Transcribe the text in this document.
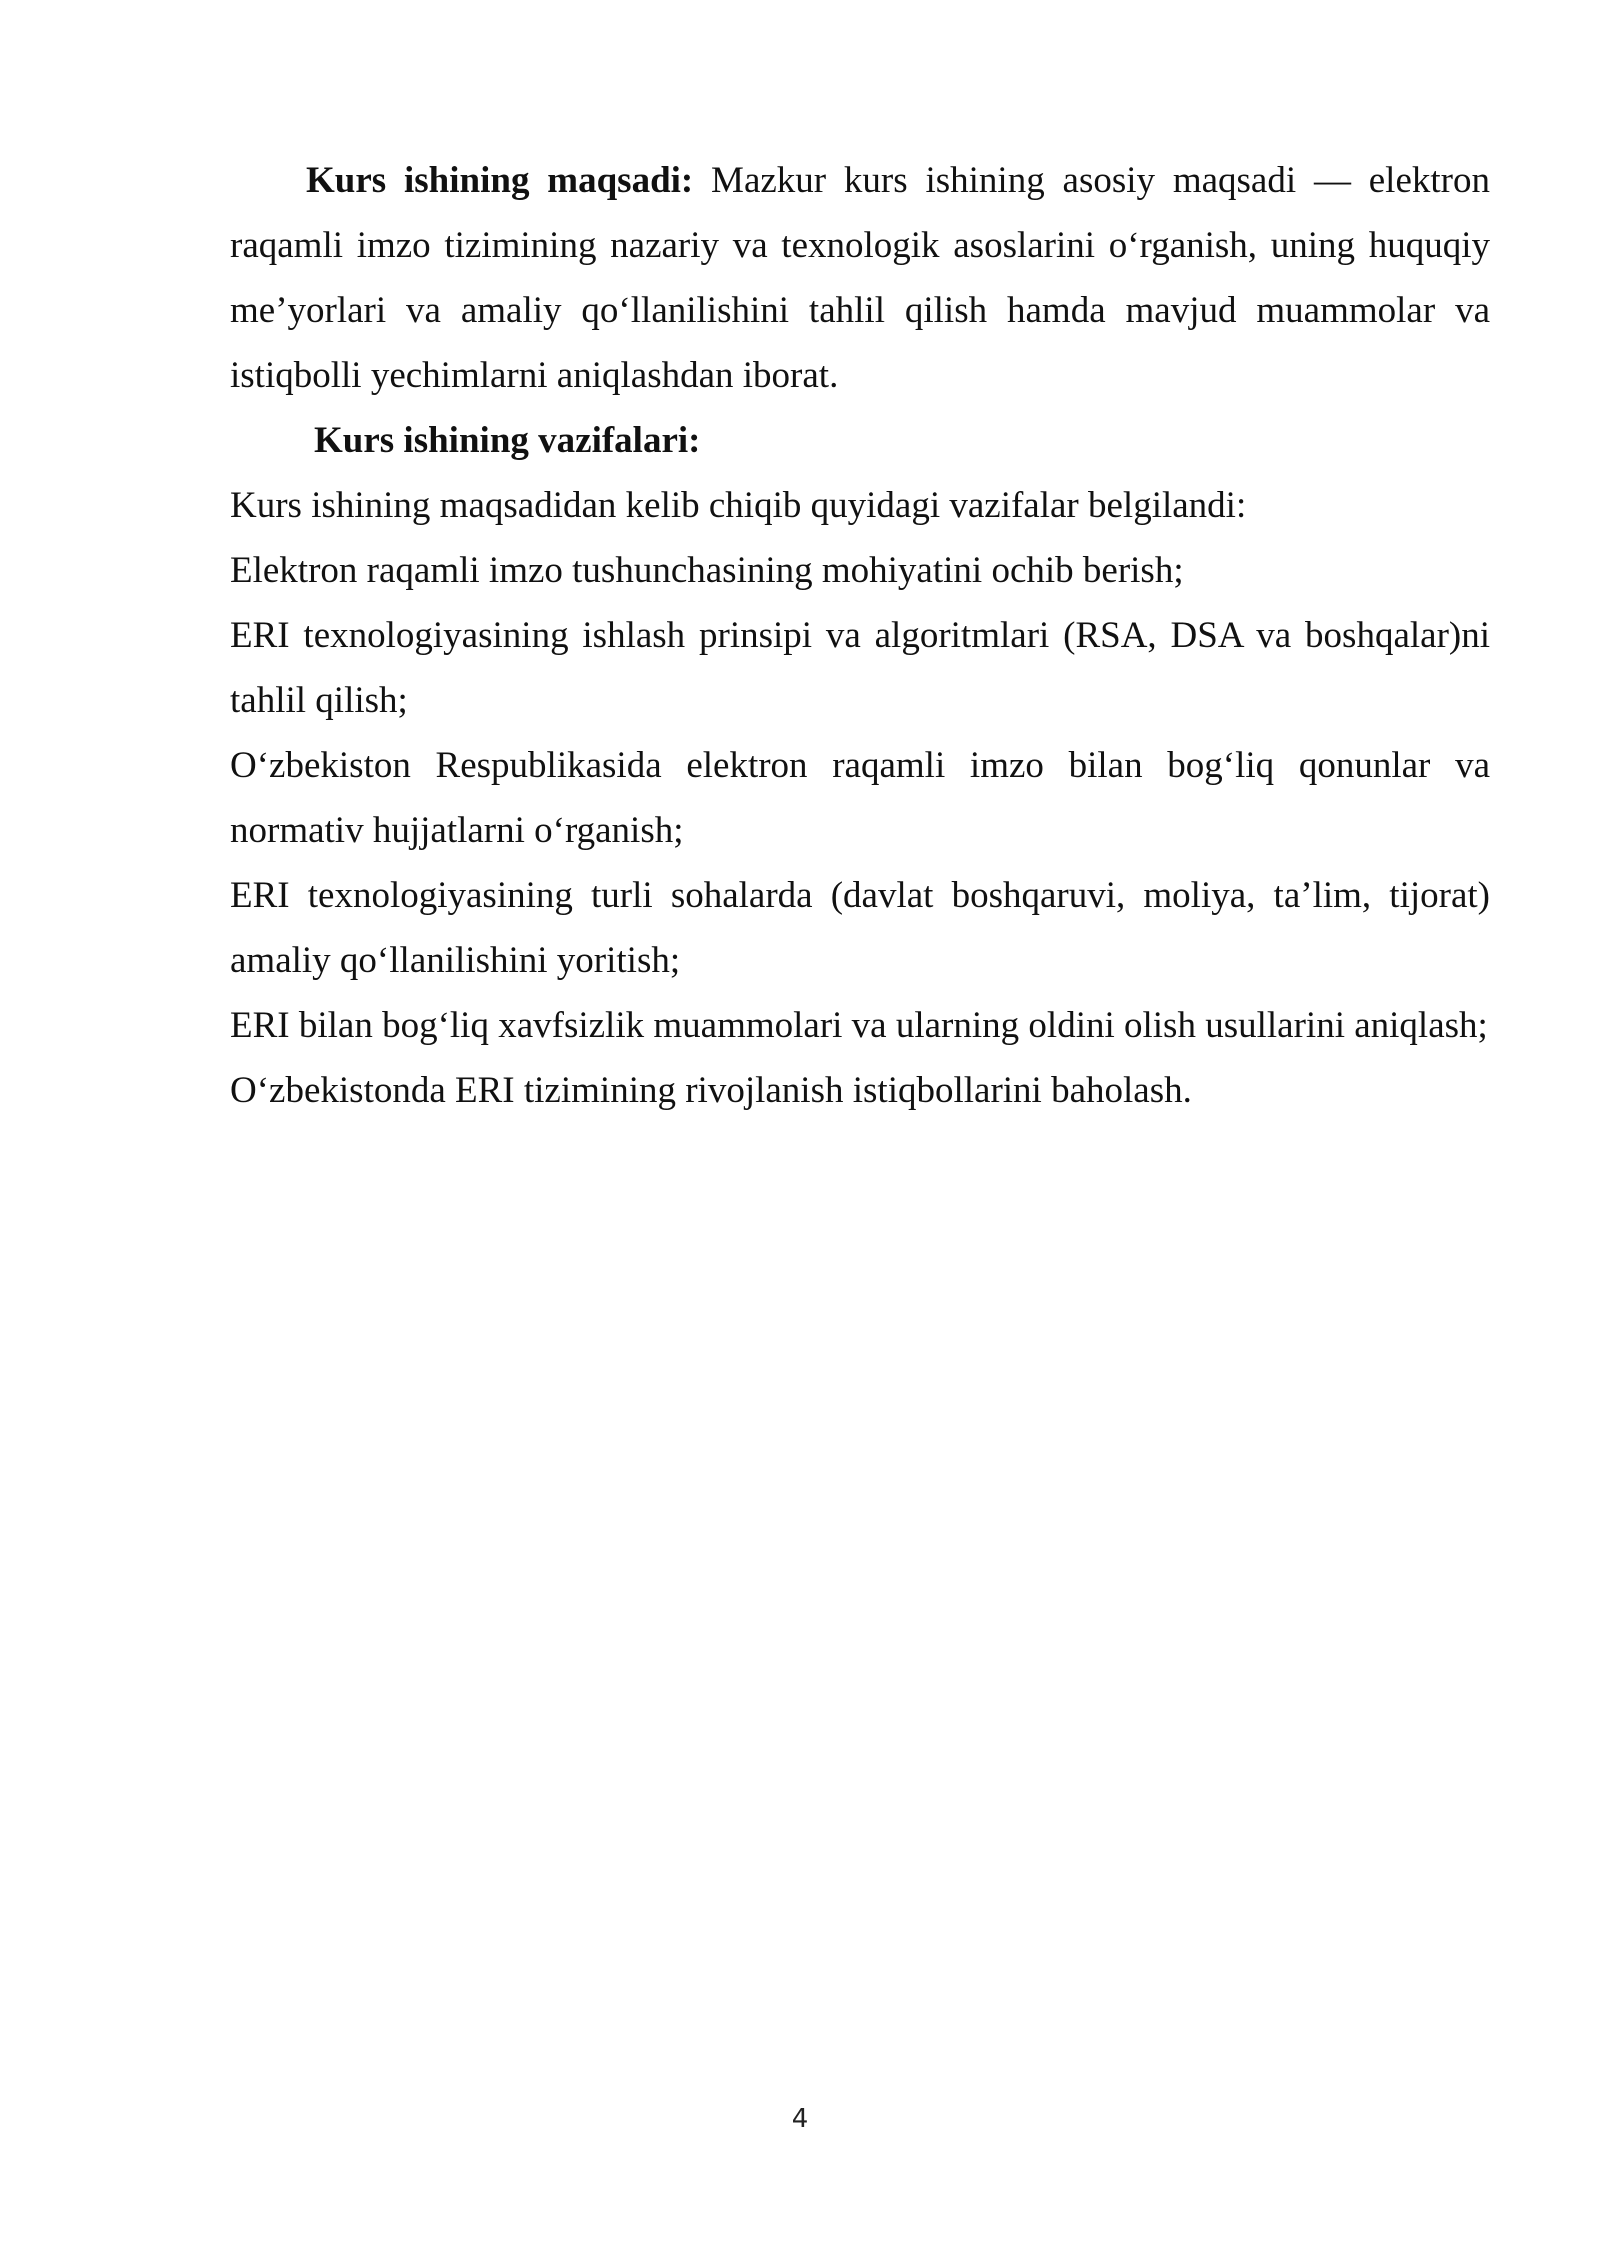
Kurs ishining maqsadi: Mazkur kurs ishining asosiy maqsadi — elektron raqamli imzo tizimining nazariy va texnologik asoslarini o‘rganish, uning huquqiy me’yorlari va amaliy qo‘llanilishini tahlil qilish hamda mavjud muammolar va istiqbolli yechimlarni aniqlashdan iborat.

Kurs ishining vazifalari:

Kurs ishining maqsadidan kelib chiqib quyidagi vazifalar belgilandi:

Elektron raqamli imzo tushunchasining mohiyatini ochib berish;

ERI texnologiyasining ishlash prinsipi va algoritmlari (RSA, DSA va boshqalar)ni tahlil qilish;

O‘zbekiston Respublikasida elektron raqamli imzo bilan bog‘liq qonunlar va normativ hujjatlarni o‘rganish;

ERI texnologiyasining turli sohalarda (davlat boshqaruvi, moliya, ta’lim, tijorat) amaliy qo‘llanilishini yoritish;

ERI bilan bog‘liq xavfsizlik muammolari va ularning oldini olish usullarini aniqlash;

O‘zbekistonda ERI tizimining rivojlanish istiqbollarini baholash.

4
